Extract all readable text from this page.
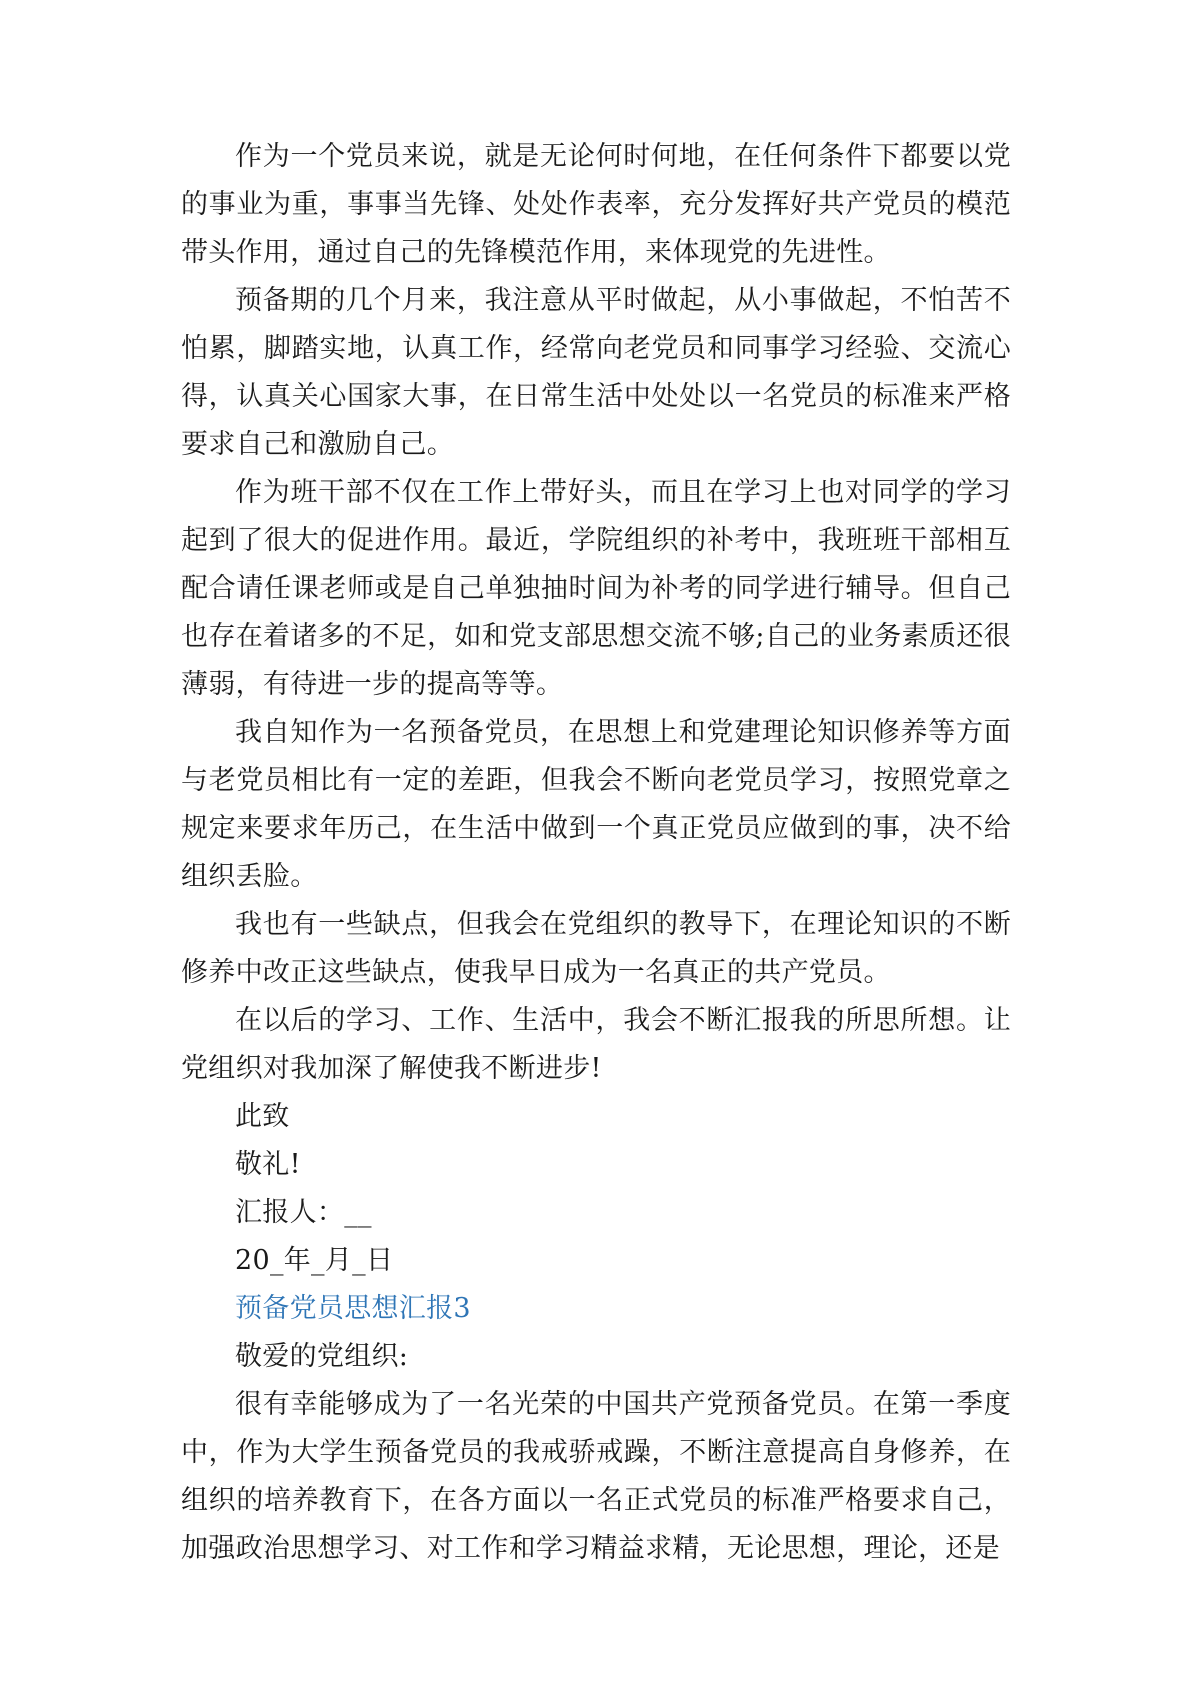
作为一个党员来说，就是无论何时何地，在任何条件下都要以党的事业为重，事事当先锋、处处作表率，充分发挥好共产党员的模范带头作用，通过自己的先锋模范作用，来体现党的先进性。

预备期的几个月来，我注意从平时做起，从小事做起，不怕苦不怕累，脚踏实地，认真工作，经常向老党员和同事学习经验、交流心得，认真关心国家大事，在日常生活中处处以一名党员的标准来严格要求自己和激励自己。

作为班干部不仅在工作上带好头，而且在学习上也对同学的学习起到了很大的促进作用。最近，学院组织的补考中，我班班干部相互配合请任课老师或是自己单独抽时间为补考的同学进行辅导。但自己也存在着诸多的不足，如和党支部思想交流不够;自己的业务素质还很薄弱，有待进一步的提高等等。

我自知作为一名预备党员，在思想上和党建理论知识修养等方面与老党员相比有一定的差距，但我会不断向老党员学习，按照党章之规定来要求年历己，在生活中做到一个真正党员应做到的事，决不给组织丢脸。

我也有一些缺点，但我会在党组织的教导下，在理论知识的不断修养中改正这些缺点，使我早日成为一名真正的共产党员。

在以后的学习、工作、生活中，我会不断汇报我的所思所想。让党组织对我加深了解使我不断进步!

此致

敬礼!

汇报人：__

20_年_月_日

预备党员思想汇报3

敬爱的党组织:

很有幸能够成为了一名光荣的中国共产党预备党员。在第一季度中，作为大学生预备党员的我戒骄戒躁，不断注意提高自身修养，在组织的培养教育下，在各方面以一名正式党员的标准严格要求自己，加强政治思想学习、对工作和学习精益求精，无论思想，理论，还是
